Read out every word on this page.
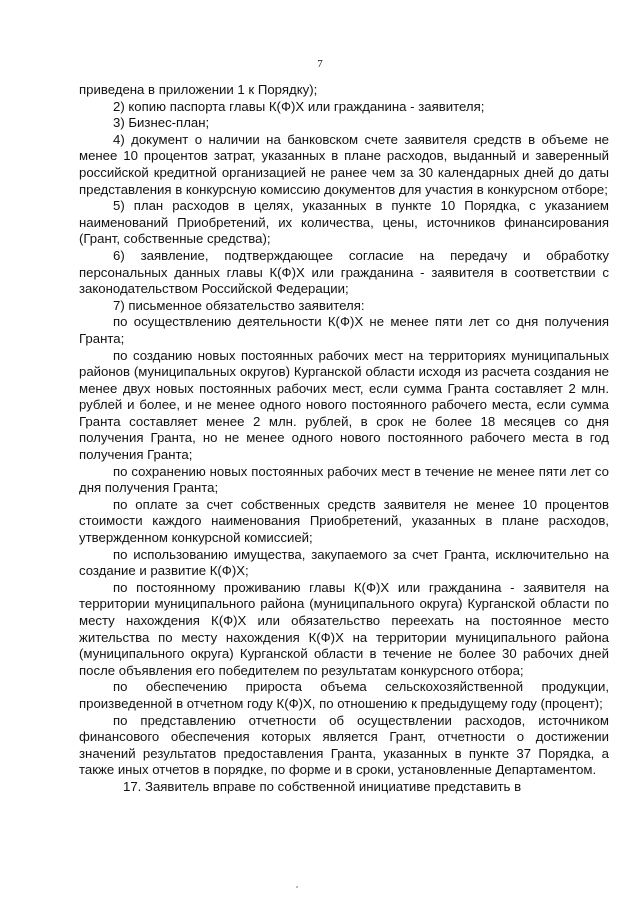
7

приведена в приложении 1 к Порядку);

2) копию паспорта главы К(Ф)Х или гражданина - заявителя;

3) Бизнес-план;

4) документ о наличии на банковском счете заявителя средств в объеме не менее 10 процентов затрат, указанных в плане расходов, выданный и заверенный российской кредитной организацией не ранее чем за 30 календарных дней до даты представления в конкурсную комиссию документов для участия в конкурсном отборе;

5) план расходов в целях, указанных в пункте 10 Порядка, с указанием наименований Приобретений, их количества, цены, источников финансирования (Грант, собственные средства);

6) заявление, подтверждающее согласие на передачу и обработку персональных данных главы К(Ф)Х или гражданина - заявителя в соответствии с законодательством Российской Федерации;

7) письменное обязательство заявителя:

по осуществлению деятельности К(Ф)Х не менее пяти лет со дня получения Гранта;

по созданию новых постоянных рабочих мест на территориях муниципальных районов (муниципальных округов) Курганской области исходя из расчета создания не менее двух новых постоянных рабочих мест, если сумма Гранта составляет 2 млн. рублей и более, и не менее одного нового постоянного рабочего места, если сумма Гранта составляет менее 2 млн. рублей, в срок не более 18 месяцев со дня получения Гранта, но не менее одного нового постоянного рабочего места в год получения Гранта;

по сохранению новых постоянных рабочих мест в течение не менее пяти лет со дня получения Гранта;

по оплате за счет собственных средств заявителя не менее 10 процентов стоимости каждого наименования Приобретений, указанных в плане расходов, утвержденном конкурсной комиссией;

по использованию имущества, закупаемого за счет Гранта, исключительно на создание и развитие К(Ф)Х;

по постоянному проживанию главы К(Ф)Х или гражданина - заявителя на территории муниципального района (муниципального округа) Курганской области по месту нахождения К(Ф)Х или обязательство переехать на постоянное место жительства по месту нахождения К(Ф)Х на территории муниципального района (муниципального округа) Курганской области в течение не более 30 рабочих дней после объявления его победителем по результатам конкурсного отбора;

по обеспечению прироста объема сельскохозяйственной продукции, произведенной в отчетном году К(Ф)Х, по отношению к предыдущему году (процент);

по представлению отчетности об осуществлении расходов, источником финансового обеспечения которых является Грант, отчетности о достижении значений результатов предоставления Гранта, указанных в пункте 37 Порядка, а также иных отчетов в порядке, по форме и в сроки, установленные Департаментом.

17. Заявитель вправе по собственной инициативе представить в
